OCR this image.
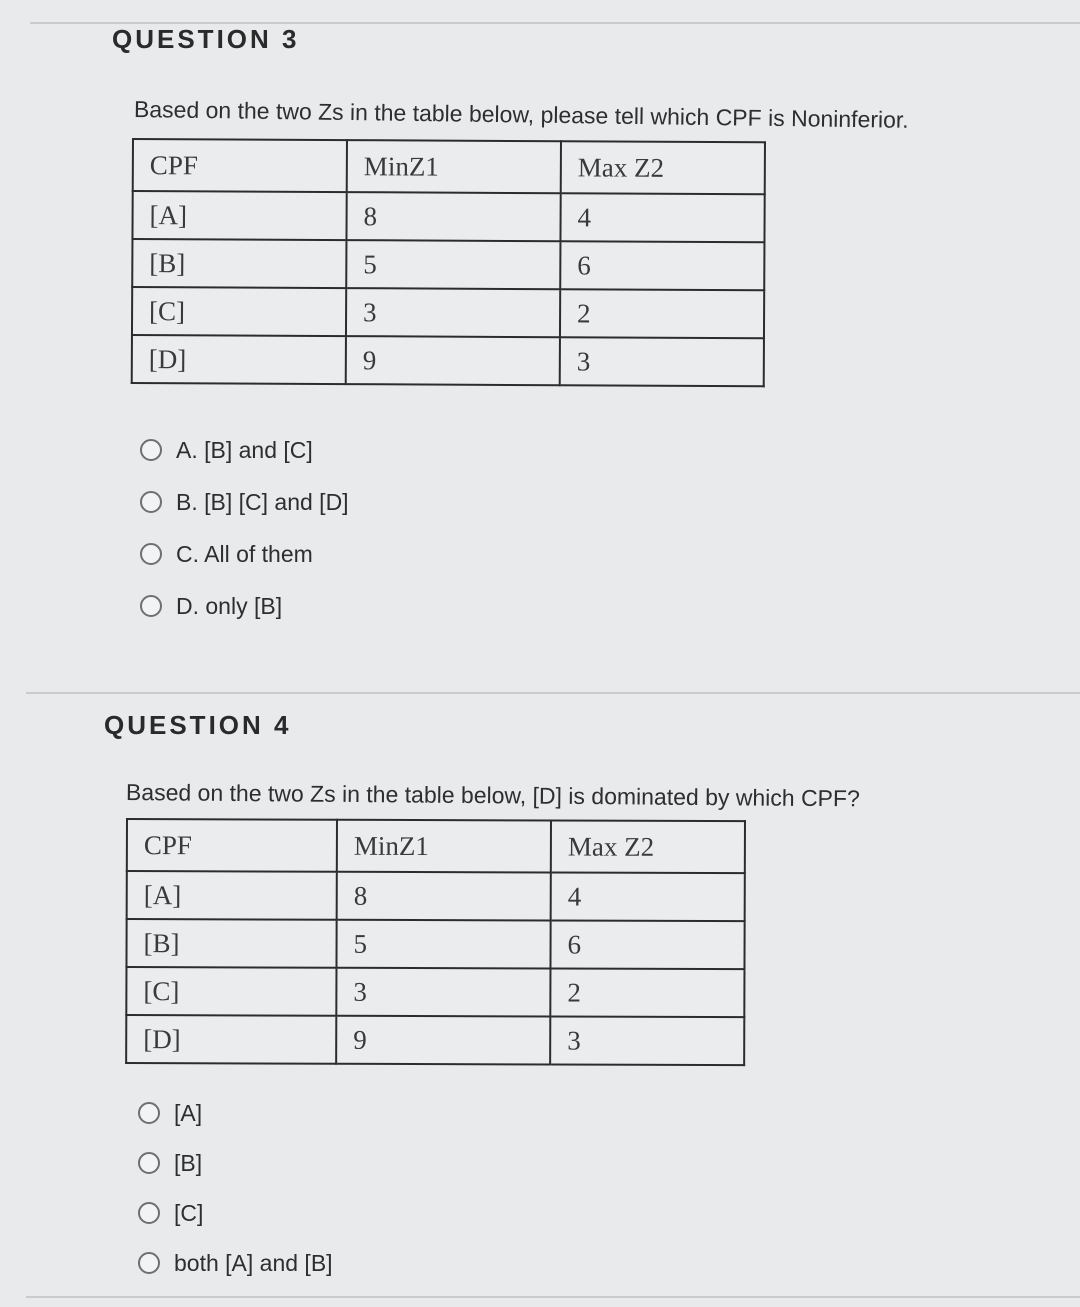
QUESTION 3
Based on the two Zs in the table below, please tell which CPF is Noninferior.
CPF	MinZ1	Max Z2
[A]	8	4
[B]	5	6
[C]	3	2
[D]	9	3
A. [B] and [C]
B. [B] [C] and [D]
C. All of them
D. only [B]
QUESTION 4
Based on the two Zs in the table below, [D] is dominated by which CPF?
CPF	MinZ1	Max Z2
[A]	8	4
[B]	5	6
[C]	3	2
[D]	9	3
[A]
[B]
[C]
both [A] and [B]
